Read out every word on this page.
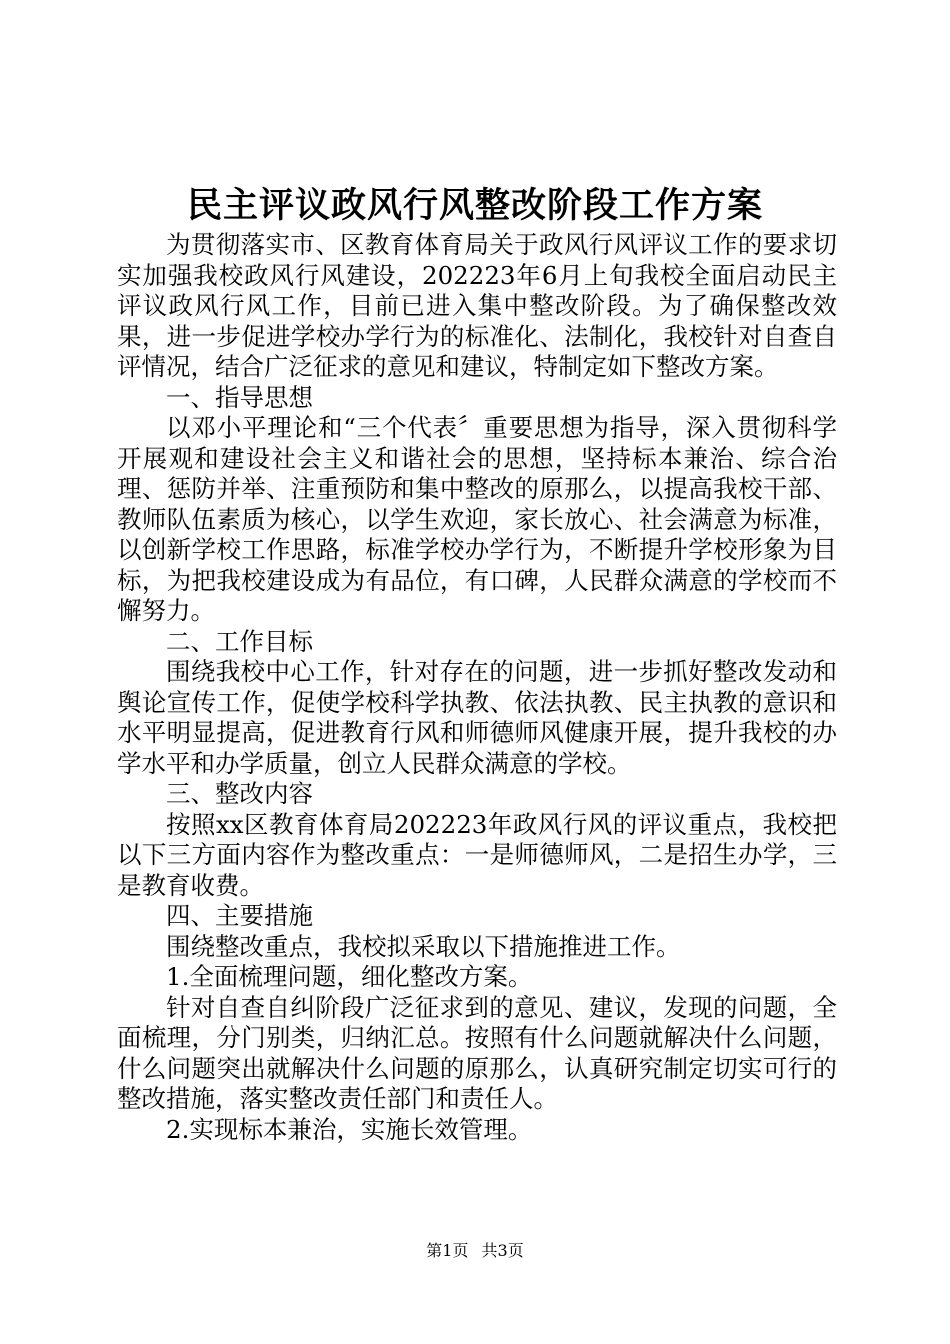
民主评议政风行风整改阶段工作方案

为贯彻落实市、区教育体育局关于政风行风评议工作的要求切实加强我校政风行风建设，202223年6月上旬我校全面启动民主评议政风行风工作，目前已进入集中整改阶段。为了确保整改效果，进一步促进学校办学行为的标准化、法制化，我校针对自查自评情况，结合广泛征求的意见和建议，特制定如下整改方案。

一、指导思想

以邓小平理论和“三个代表〞重要思想为指导，深入贯彻科学开展观和建设社会主义和谐社会的思想，坚持标本兼治、综合治理、惩防并举、注重预防和集中整改的原那么，以提高我校干部、教师队伍素质为核心，以学生欢迎，家长放心、社会满意为标准，以创新学校工作思路，标准学校办学行为，不断提升学校形象为目标，为把我校建设成为有品位，有口碑，人民群众满意的学校而不懈努力。

二、工作目标

围绕我校中心工作，针对存在的问题，进一步抓好整改发动和舆论宣传工作，促使学校科学执教、依法执教、民主执教的意识和水平明显提高，促进教育行风和师德师风健康开展，提升我校的办学水平和办学质量，创立人民群众满意的学校。

三、整改内容

按照xx区教育体育局202223年政风行风的评议重点，我校把以下三方面内容作为整改重点：一是师德师风，二是招生办学，三是教育收费。

四、主要措施

围绕整改重点，我校拟采取以下措施推进工作。

1.全面梳理问题，细化整改方案。

针对自查自纠阶段广泛征求到的意见、建议，发现的问题，全面梳理，分门别类，归纳汇总。按照有什么问题就解决什么问题，什么问题突出就解决什么问题的原那么，认真研究制定切实可行的整改措施，落实整改责任部门和责任人。

2.实现标本兼治，实施长效管理。

第1页 共3页
